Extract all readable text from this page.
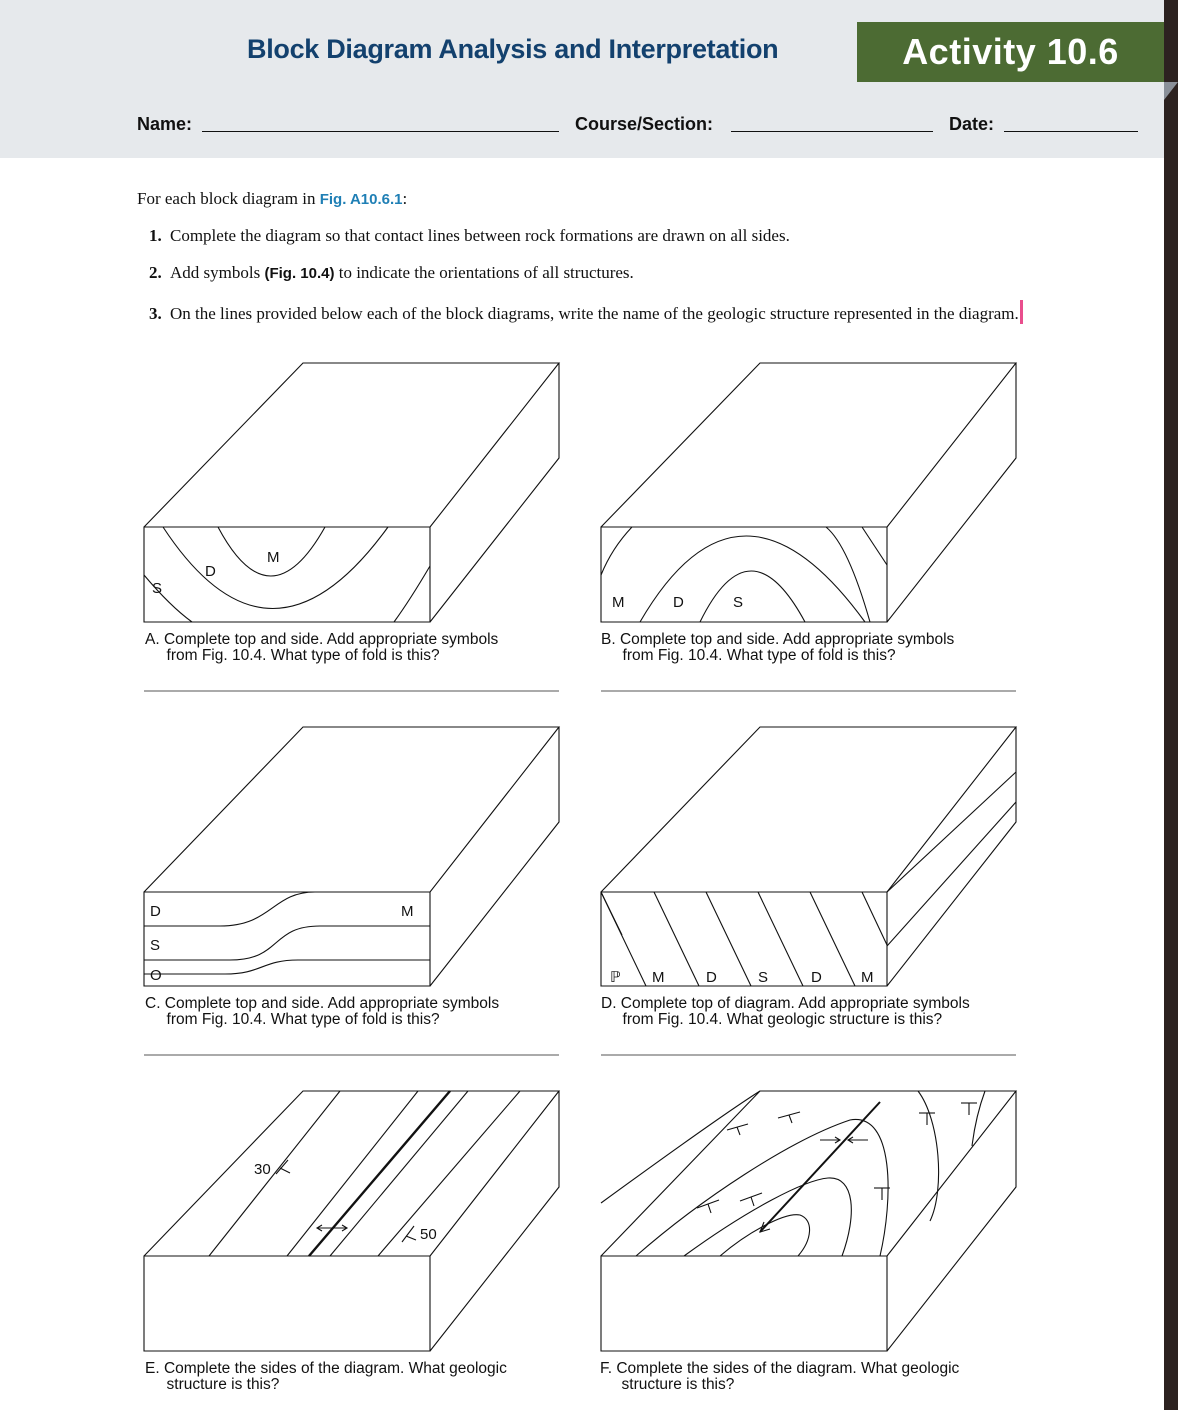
Block Diagram Analysis and Interpretation	Activity 10.6
Name:	Course/Section:	Date:
For each block diagram in Fig. A10.6.1:
1. Complete the diagram so that contact lines between rock formations are drawn on all sides.
2. Add symbols (Fig. 10.4) to indicate the orientations of all structures.
3. On the lines provided below each of the block diagrams, write the name of the geologic structure represented in the diagram.
M
D
S
M	D	S
D	M
S
O	ℙ M	D	S	D	M
30
50
A. Complete top and side. Add appropriate symbols
from Fig. 10.4. What type of fold is this?
B. Complete top and side. Add appropriate symbols
from Fig. 10.4. What type of fold is this?
C. Complete top and side. Add appropriate symbols
from Fig. 10.4. What type of fold is this?
D. Complete top of diagram. Add appropriate symbols
from Fig. 10.4. What geologic structure is this?
E. Complete the sides of the diagram. What geologic
structure is this?
F. Complete the sides of the diagram. What geologic
structure is this?
